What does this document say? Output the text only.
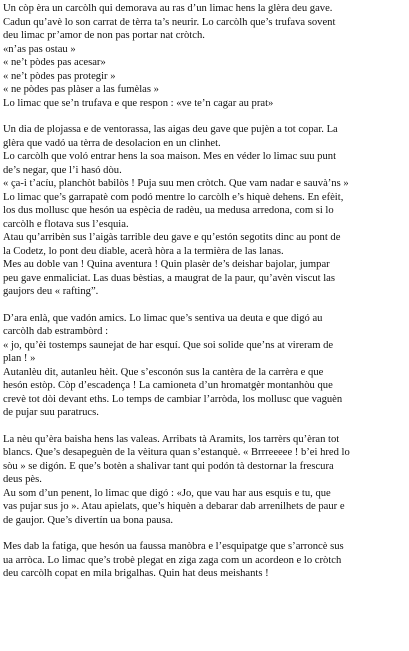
Un còp èra un carcòlh qui demorava au ras d’un limac hens la glèra deu gave.
Cadun qu’avè lo son carrat de tèrra ta’s neurir. Lo carcòlh que’s trufava sovent
deu limac pr’amor de non pas portar nat cròtch.
«n’as pas ostau »
« ne’t pòdes pas acesar»
« ne’t pòdes pas protegir »
« ne pòdes pas plàser a las fumèlas »
Lo limac que se’n trufava e que respon : «ve te’n cagar au prat»
Un dia de plojassa e de ventorassa, las aigas deu gave que pujèn a tot copar. La
glèra que vadó ua tèrra de desolacion en un clinhet.
Lo carcòlh que voló entrar hens la soa maison. Mes en véder lo limac suu punt
de’s negar, que l’i hasó dòu.
« ça-i t’acíu, planchòt babilòs ! Puja suu men cròtch. Que vam nadar e sauvà’ns »
Lo limac que’s garrapatè com podó mentre lo carcòlh e’s hiquè dehens. En efèit,
los dus mollusc que hesón ua espècia de radèu, ua medusa arredona, com si lo
carcòlh e flotava sus l’esquia.
Atau qu’arribèn sus l’aigàs tarrible deu gave e qu’estón segotits dinc au pont de
la Codetz, lo pont deu diable, acerà hòra a la termièra de las lanas.
Mes au doble van ! Quina aventura ! Quin plasèr de’s deishar bajolar, jumpar
peu gave enmaliciat. Las duas bèstias, a maugrat de la paur, qu’avèn viscut las
gaujors deu « rafting”.
D’ara enlà, que vadón amics. Lo limac que’s sentiva ua deuta e que digó au
carcòlh dab estrambòrd :
« jo, qu’èi tostemps saunejat de har esquí. Que soi solide que’ns at vireram de
plan ! »
Autanlèu dit, autanleu hèit. Que s’esconón sus la cantèra de la carrèra e que
hesón estòp. Còp d’escadença ! La camioneta d’un hromatgèr montanhòu que
crevè tot dòi devant eths. Lo temps de cambiar l’arròda, los mollusc que vaguèn
de pujar suu paratrucs.
La nèu qu’èra baisha hens las valeas. Arribats tà Aramits, los tarrèrs qu’èran tot
blancs. Que’s desapeguèn de la vèitura quan s’estanquè. « Brrreeeee ! b’ei hred lo
sòu » se digón. E que’s botèn a shalivar tant qui podón tà destornar la frescura
deus pès.
Au som d’un penent, lo limac que digó : «Jo, que vau har aus esquis e tu, que
vas pujar sus jo ». Atau apielats, que’s hiquèn a debarar dab arrenilhets de paur e
de gaujor. Que’s divertín ua bona pausa.
Mes dab la fatiga, que hesón ua faussa manòbra e l’esquipatge que s’arroncè sus
ua arròca. Lo limac que’s trobè plegat en ziga zaga com un acordeon e lo cròtch
deu carcòlh copat en mila brigalhas. Quin hat deus meishants !
